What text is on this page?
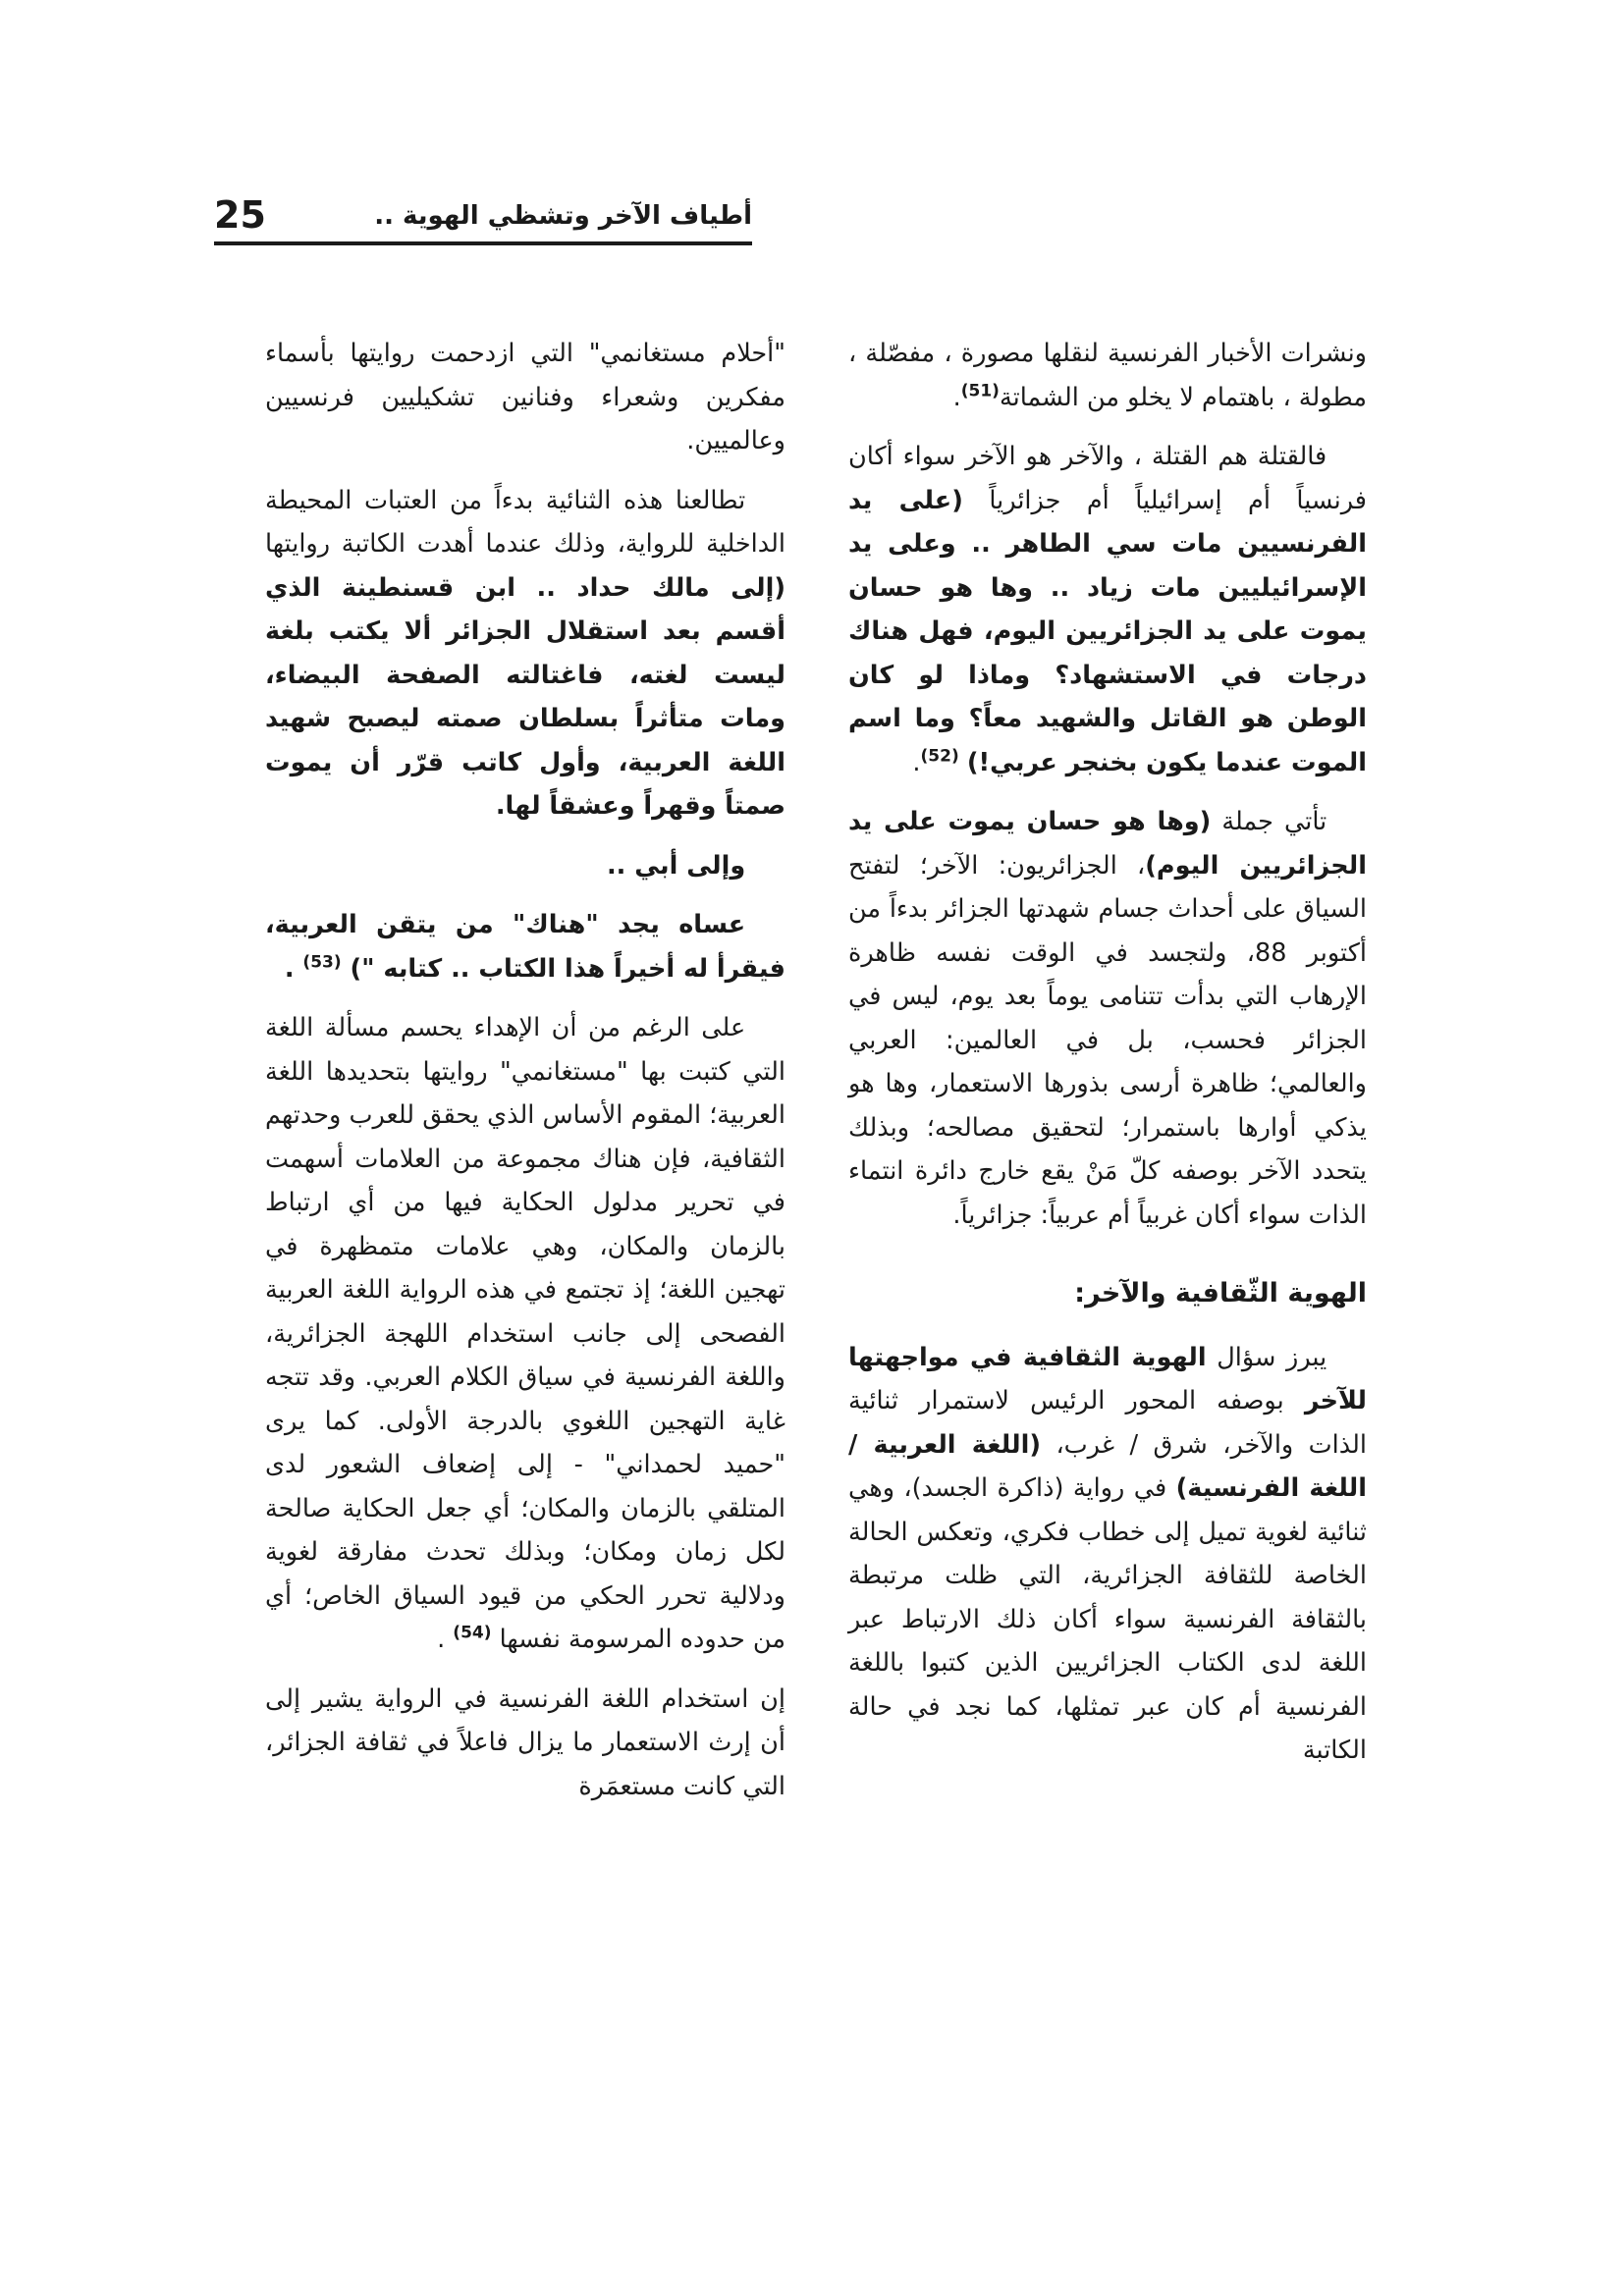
25	أطياف الآخر وتشظي الهوية ..

ونشرات الأخبار الفرنسية لنقلها مصورة ، مفصّلة ، مطولة ، باهتمام لا يخلو من الشماتة$^{(51)}$.

فالقتلة هم القتلة ، والآخر هو الآخر سواء أكان فرنسياً أم إسرائيلياً أم جزائرياً (على يد الفرنسيين مات سي الطاهر .. وعلى يد الإسرائيليين مات زياد .. وها هو حسان يموت على يد الجزائريين اليوم، فهل هناك درجات في الاستشهاد؟ وماذا لو كان الوطن هو القاتل والشهيد معاً؟ وما اسم الموت عندما يكون بخنجر عربي!) $^{(52)}$.

تأتي جملة (وها هو حسان يموت على يد الجزائريين اليوم)، الجزائريون: الآخر؛ لتفتح السياق على أحداث جسام شهدتها الجزائر بدءاً من أكتوبر 88، ولتجسد في الوقت نفسه ظاهرة الإرهاب التي بدأت تتنامى يوماً بعد يوم، ليس في الجزائر فحسب، بل في العالمين: العربي والعالمي؛ ظاهرة أرسى بذورها الاستعمار، وها هو يذكي أوارها باستمرار؛ لتحقيق مصالحه؛ وبذلك يتحدد الآخر بوصفه كلّ مَنْ يقع خارج دائرة انتماء الذات سواء أكان غربياً أم عربياً: جزائرياً.

الهوية الثّقافية والآخر:

يبرز سؤال الهوية الثقافية في مواجهتها للآخر بوصفه المحور الرئيس لاستمرار ثنائية الذات والآخر، شرق / غرب، (اللغة العربية / اللغة الفرنسية) في رواية (ذاكرة الجسد)، وهي ثنائية لغوية تميل إلى خطاب فكري، وتعكس الحالة الخاصة للثقافة الجزائرية، التي ظلت مرتبطة بالثقافة الفرنسية سواء أكان ذلك الارتباط عبر اللغة لدى الكتاب الجزائريين الذين كتبوا باللغة الفرنسية أم كان عبر تمثلها، كما نجد في حالة الكاتبة

"أحلام مستغانمي" التي ازدحمت روايتها بأسماء مفكرين وشعراء وفنانين تشكيليين فرنسيين وعالميين.

تطالعنا هذه الثنائية بدءاً من العتبات المحيطة الداخلية للرواية، وذلك عندما أهدت الكاتبة روايتها (إلى مالك حداد .. ابن قسنطينة الذي أقسم بعد استقلال الجزائر ألا يكتب بلغة ليست لغته، فاغتالته الصفحة البيضاء، ومات متأثراً بسلطان صمته ليصبح شهيد اللغة العربية، وأول كاتب قرّر أن يموت صمتاً وقهراً وعشقاً لها.

وإلى أبي ..

عساه يجد "هناك" من يتقن العربية، فيقرأ له أخيراً هذا الكتاب .. كتابه ") $^{(53)}$ .

على الرغم من أن الإهداء يحسم مسألة اللغة التي كتبت بها "مستغانمي" روايتها بتحديدها اللغة العربية؛ المقوم الأساس الذي يحقق للعرب وحدتهم الثقافية، فإن هناك مجموعة من العلامات أسهمت في تحرير مدلول الحكاية فيها من أي ارتباط بالزمان والمكان، وهي علامات متمظهرة في تهجين اللغة؛ إذ تجتمع في هذه الرواية اللغة العربية الفصحى إلى جانب استخدام اللهجة الجزائرية، واللغة الفرنسية في سياق الكلام العربي. وقد تتجه غاية التهجين اللغوي بالدرجة الأولى. كما يرى "حميد لحمداني" - إلى إضعاف الشعور لدى المتلقي بالزمان والمكان؛ أي جعل الحكاية صالحة لكل زمان ومكان؛ وبذلك تحدث مفارقة لغوية ودلالية تحرر الحكي من قيود السياق الخاص؛ أي من حدوده المرسومة نفسها $^{(54)}$ .

إن استخدام اللغة الفرنسية في الرواية يشير إلى أن إرث الاستعمار ما يزال فاعلاً في ثقافة الجزائر، التي كانت مستعمَرة
